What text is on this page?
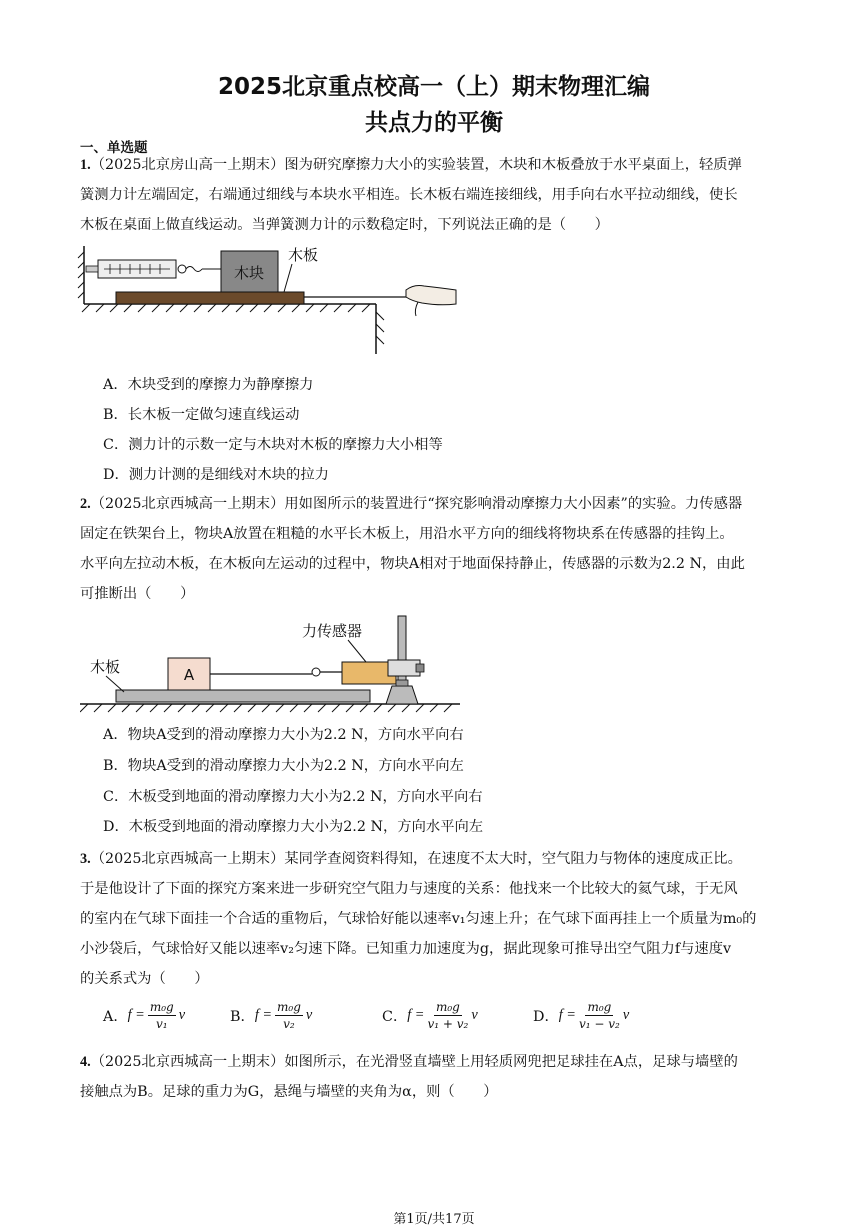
2025北京重点校高一（上）期末物理汇编
共点力的平衡
一、单选题
1.（2025北京房山高一上期末）图为研究摩擦力大小的实验装置，木块和木板叠放于水平桌面上，轻质弹
簧测力计左端固定，右端通过细线与本块水平相连。长木板右端连接细线，用手向右水平拉动细线，使长
木板在桌面上做直线运动。当弹簧测力计的示数稳定时，下列说法正确的是（　　）
木块
木板
A．木块受到的摩擦力为静摩擦力
B．长木板一定做匀速直线运动
C．测力计的示数一定与木块对木板的摩擦力大小相等
D．测力计测的是细线对木块的拉力
2.（2025北京西城高一上期末）用如图所示的装置进行“探究影响滑动摩擦力大小因素”的实验。力传感器
固定在铁架台上，物块A放置在粗糙的水平长木板上，用沿水平方向的细线将物块系在传感器的挂钩上。
水平向左拉动木板，在木板向左运动的过程中，物块A相对于地面保持静止，传感器的示数为2.2 N，由此
可推断出（　　）
木板	A
力传感器
A．物块A受到的滑动摩擦力大小为2.2 N，方向水平向右
B．物块A受到的滑动摩擦力大小为2.2 N，方向水平向左
C．木板受到地面的滑动摩擦力大小为2.2 N，方向水平向右
D．木板受到地面的滑动摩擦力大小为2.2 N，方向水平向左
3.（2025北京西城高一上期末）某同学查阅资料得知，在速度不太大时，空气阻力与物体的速度成正比。
于是他设计了下面的探究方案来进一步研究空气阻力与速度的关系：他找来一个比较大的氦气球，于无风
的室内在气球下面挂一个合适的重物后，气球恰好能以速率v₁匀速上升；在气球下面再挂上一个质量为m₀的
小沙袋后，气球恰好又能以速率v₂匀速下降。已知重力加速度为g，据此现象可推导出空气阻力f与速度v
的关系式为（　　）
A． $f = \frac{\text{m₀g}}{\text{v₁}}$ v	B． $f = \frac{\text{m₀g}}{\text{v₂}}$ v	C． $f = \frac{\text{m₀g}}{\text{v₁ + v₂}}$ v	D． $f = \frac{\text{m₀g}}{\text{v₁ − v₂}}$ v
4.（2025北京西城高一上期末）如图所示，在光滑竖直墙壁上用轻质网兜把足球挂在A点，足球与墙壁的
接触点为B。足球的重力为G，悬绳与墙壁的夹角为α，则（　　）
第1页/共17页
